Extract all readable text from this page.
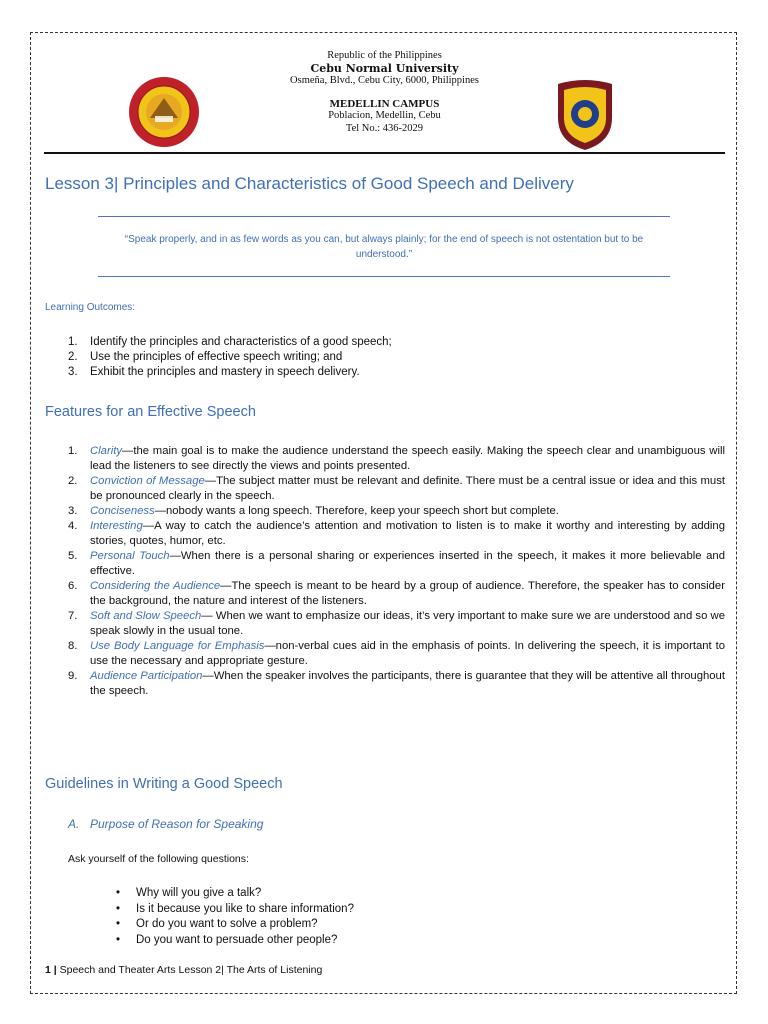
Republic of the Philippines
Cebu Normal University
Osmeña, Blvd., Cebu City, 6000, Philippines
MEDELLIN CAMPUS
Poblacion, Medellin, Cebu
Tel No.: 436-2029
Lesson 3| Principles and Characteristics of Good Speech and Delivery
“Speak properly, and in as few words as you can, but always plainly; for the end of speech is not ostentation but to be understood.”
Learning Outcomes:
1. Identify the principles and characteristics of a good speech;
2. Use the principles of effective speech writing; and
3. Exhibit the principles and mastery in speech delivery.
Features for an Effective Speech
1. Clarity—the main goal is to make the audience understand the speech easily. Making the speech clear and unambiguous will lead the listeners to see directly the views and points presented.
2. Conviction of Message—The subject matter must be relevant and definite. There must be a central issue or idea and this must be pronounced clearly in the speech.
3. Conciseness—nobody wants a long speech. Therefore, keep your speech short but complete.
4. Interesting—A way to catch the audience’s attention and motivation to listen is to make it worthy and interesting by adding stories, quotes, humor, etc.
5. Personal Touch—When there is a personal sharing or experiences inserted in the speech, it makes it more believable and effective.
6. Considering the Audience—The speech is meant to be heard by a group of audience. Therefore, the speaker has to consider the background, the nature and interest of the listeners.
7. Soft and Slow Speech— When we want to emphasize our ideas, it’s very important to make sure we are understood and so we speak slowly in the usual tone.
8. Use Body Language for Emphasis—non-verbal cues aid in the emphasis of points. In delivering the speech, it is important to use the necessary and appropriate gesture.
9. Audience Participation—When the speaker involves the participants, there is guarantee that they will be attentive all throughout the speech.
Guidelines in Writing a Good Speech
A. Purpose of Reason for Speaking
Ask yourself of the following questions:
• Why will you give a talk?
• Is it because you like to share information?
• Or do you want to solve a problem?
• Do you want to persuade other people?
1 | Speech and Theater Arts Lesson 2| The Arts of Listening
